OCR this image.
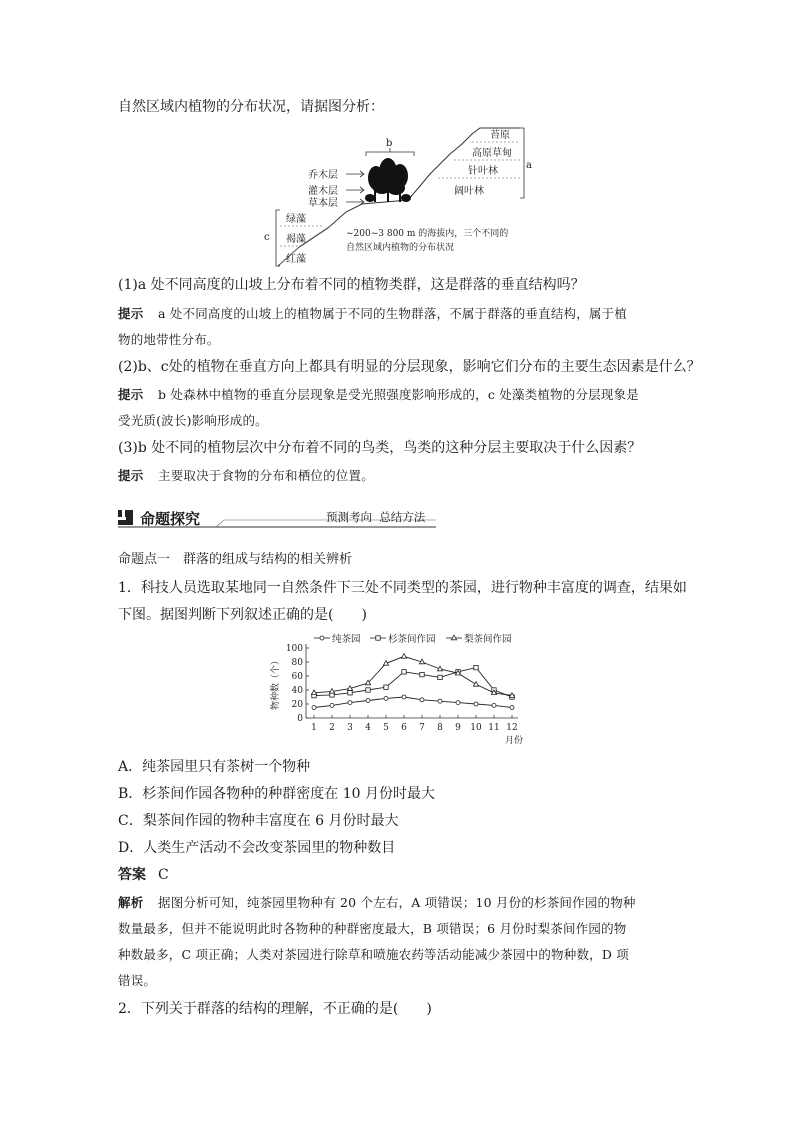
自然区域内植物的分布状况，请据图分析：
b
乔木层
灌木层
草本层
苔原
高原草甸
针叶林
阔叶林
a
c
绿藻
褐藻
红藻
~200~3 800 m 的海拔内，三个不同的
自然区域内植物的分布状况
(1)a 处不同高度的山坡上分布着不同的植物类群，这是群落的垂直结构吗？
提示 a 处不同高度的山坡上的植物属于不同的生物群落，不属于群落的垂直结构，属于植
物的地带性分布。
(2)b、c处的植物在垂直方向上都具有明显的分层现象，影响它们分布的主要生态因素是什么？
提示 b 处森林中植物的垂直分层现象是受光照强度影响形成的，c 处藻类植物的分层现象是
受光质(波长)影响形成的。
(3)b 处不同的植物层次中分布着不同的鸟类，鸟类的这种分层主要取决于什么因素？
提示 主要取决于食物的分布和栖位的位置。
命题探究	预测考向  总结方法
命题点一　群落的组成与结构的相关辨析
1．科技人员选取某地同一自然条件下三处不同类型的茶园，进行物种丰富度的调查，结果如
下图。据图判断下列叙述正确的是(　　)
0
20
40
60
80
100
1 2 3 4 5 6 7 8 9 10 11 12
月份
物种数（个）
纯茶园	杉茶间作园	梨茶间作园
A．纯茶园里只有茶树一个物种
B．杉茶间作园各物种的种群密度在 10 月份时最大
C．梨茶间作园的物种丰富度在 6 月份时最大
D．人类生产活动不会改变茶园里的物种数目
答案 C
解析 据图分析可知，纯茶园里物种有 20 个左右，A 项错误；10 月份的杉茶间作园的物种
数量最多，但并不能说明此时各物种的种群密度最大，B 项错误；6 月份时梨茶间作园的物
种数最多，C 项正确；人类对茶园进行除草和喷施农药等活动能减少茶园中的物种数，D 项
错误。
2．下列关于群落的结构的理解，不正确的是(　　)
